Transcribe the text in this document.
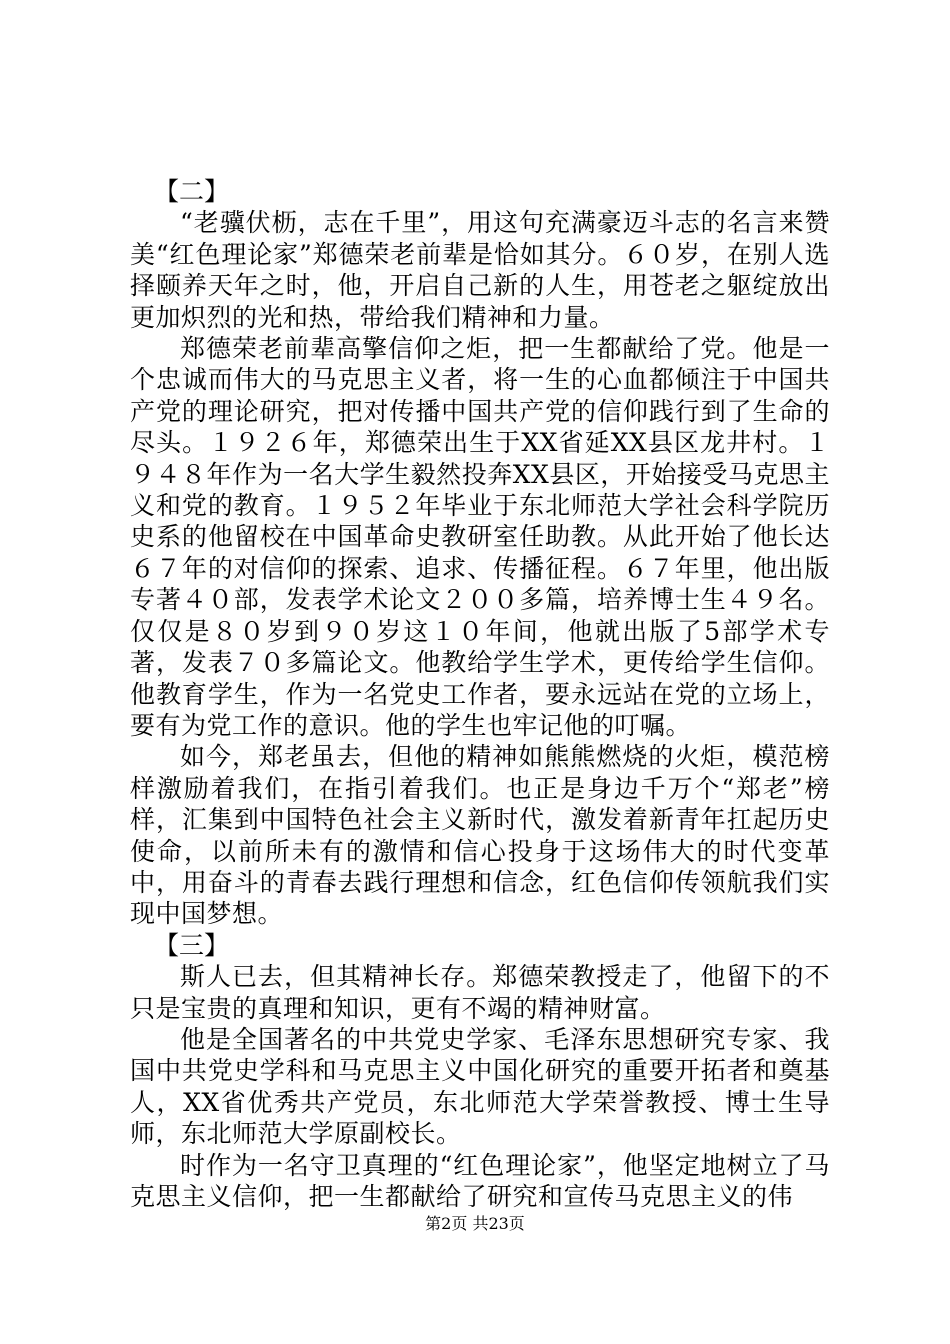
【二】

“老骥伏枥，志在千里”，用这句充满豪迈斗志的名言来赞美“红色理论家”郑德荣老前辈是恰如其分。６０岁，在别人选择颐养天年之时，他，开启自己新的人生，用苍老之躯绽放出更加炽烈的光和热，带给我们精神和力量。

郑德荣老前辈高擎信仰之炬，把一生都献给了党。他是一个忠诚而伟大的马克思主义者，将一生的心血都倾注于中国共产党的理论研究，把对传播中国共产党的信仰践行到了生命的尽头。１９２６年，郑德荣出生于XX省延XX县区龙井村。１９４８年作为一名大学生毅然投奔XX县区，开始接受马克思主义和党的教育。１９５２年毕业于东北师范大学社会科学院历史系的他留校在中国革命史教研室任助教。从此开始了他长达６７年的对信仰的探索、追求、传播征程。６７年里，他出版专著４０部，发表学术论文２００多篇，培养博士生４９名。仅仅是８０岁到９０岁这１０年间，他就出版了5部学术专著，发表７０多篇论文。他教给学生学术，更传给学生信仰。他教育学生，作为一名党史工作者，要永远站在党的立场上，要有为党工作的意识。他的学生也牢记他的叮嘱。

如今，郑老虽去，但他的精神如熊熊燃烧的火炬，模范榜样激励着我们，在指引着我们。也正是身边千万个“郑老”榜样，汇集到中国特色社会主义新时代，激发着新青年扛起历史使命，以前所未有的激情和信心投身于这场伟大的时代变革中，用奋斗的青春去践行理想和信念，红色信仰传领航我们实现中国梦想。

【三】

斯人已去，但其精神长存。郑德荣教授走了，他留下的不只是宝贵的真理和知识，更有不竭的精神财富。

他是全国著名的中共党史学家、毛泽东思想研究专家、我国中共党史学科和马克思主义中国化研究的重要开拓者和奠基人，XX省优秀共产党员，东北师范大学荣誉教授、博士生导师，东北师范大学原副校长。

时作为一名守卫真理的“红色理论家”，他坚定地树立了马克思主义信仰，把一生都献给了研究和宣传马克思主义的伟

第2页 共23页
